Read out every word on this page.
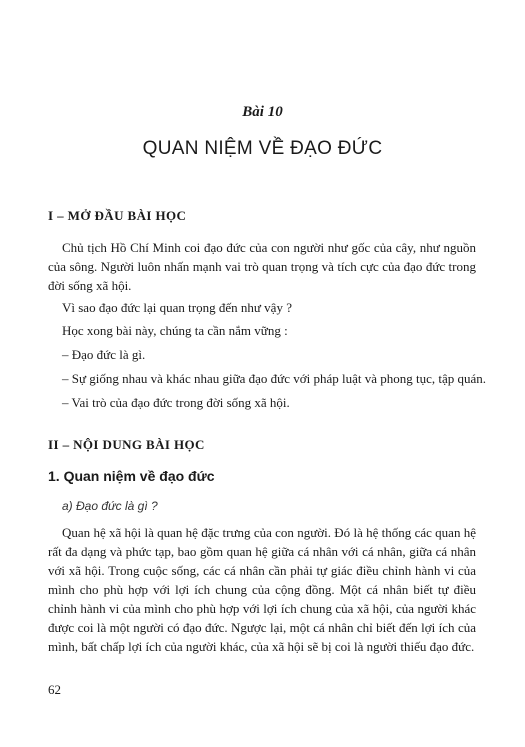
Bài 10
QUAN NIỆM VỀ ĐẠO ĐỨC
I – MỞ ĐẦU BÀI HỌC
Chủ tịch Hồ Chí Minh coi đạo đức của con người như gốc của cây, như nguồn của sông. Người luôn nhấn mạnh vai trò quan trọng và tích cực của đạo đức trong đời sống xã hội.
Vì sao đạo đức lại quan trọng đến như vậy ?
Học xong bài này, chúng ta cần nắm vững :
– Đạo đức là gì.
– Sự giống nhau và khác nhau giữa đạo đức với pháp luật và phong tục, tập quán.
– Vai trò của đạo đức trong đời sống xã hội.
II – NỘI DUNG BÀI HỌC
1. Quan niệm về đạo đức
a) Đạo đức là gì ?
Quan hệ xã hội là quan hệ đặc trưng của con người. Đó là hệ thống các quan hệ rất đa dạng và phức tạp, bao gồm quan hệ giữa cá nhân với cá nhân, giữa cá nhân với xã hội. Trong cuộc sống, các cá nhân cần phải tự giác điều chỉnh hành vi của mình cho phù hợp với lợi ích chung của cộng đồng. Một cá nhân biết tự điều chỉnh hành vi của mình cho phù hợp với lợi ích chung của xã hội, của người khác được coi là một người có đạo đức. Ngược lại, một cá nhân chỉ biết đến lợi ích của mình, bất chấp lợi ích của người khác, của xã hội sẽ bị coi là người thiếu đạo đức.
62
